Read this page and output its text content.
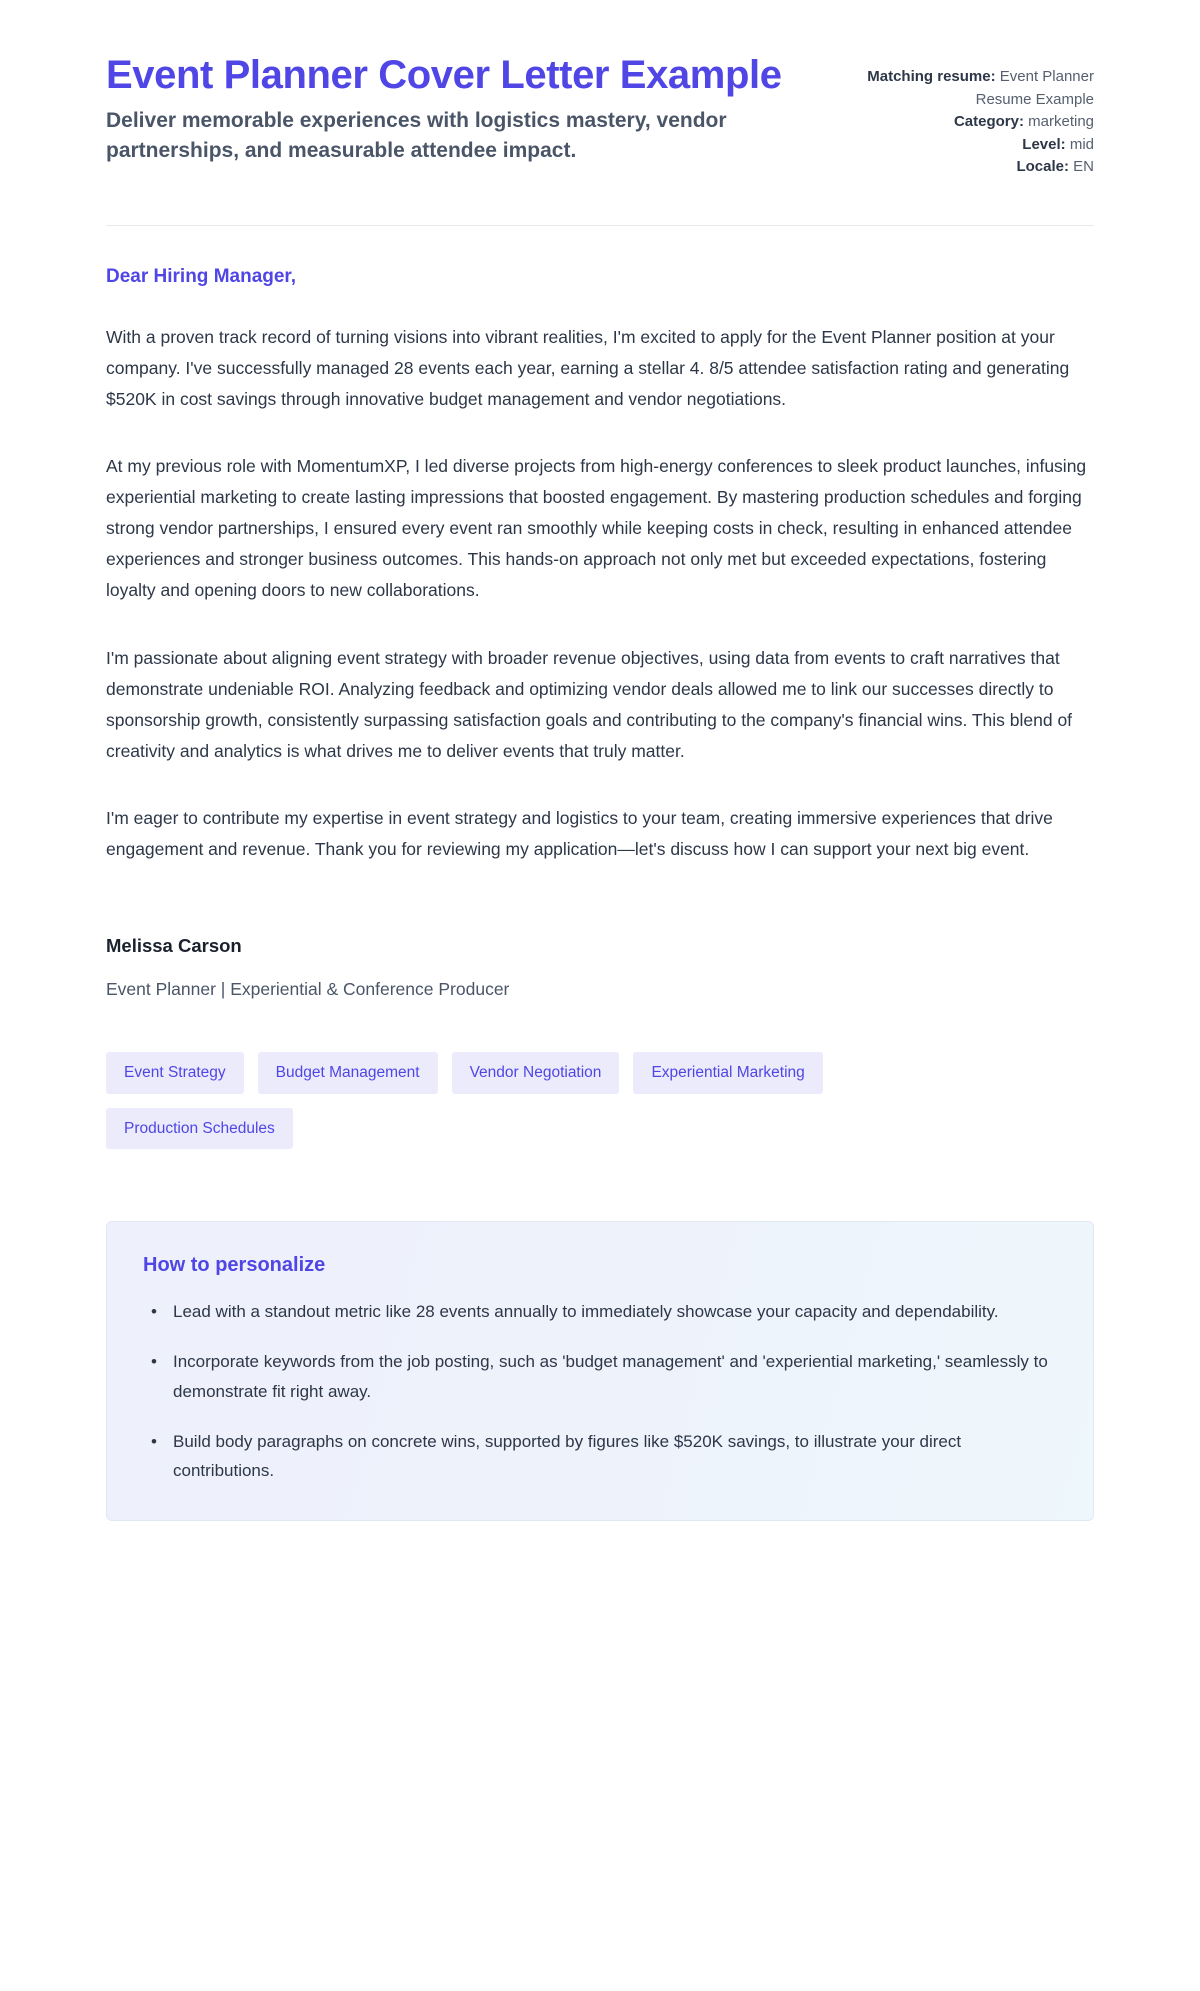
Event Planner Cover Letter Example

Deliver memorable experiences with logistics mastery, vendor partnerships, and measurable attendee impact.

Matching resume: Event Planner Resume Example
Category: marketing
Level: mid
Locale: EN

Dear Hiring Manager,

With a proven track record of turning visions into vibrant realities, I'm excited to apply for the Event Planner position at your company. I've successfully managed 28 events each year, earning a stellar 4. 8/5 attendee satisfaction rating and generating $520K in cost savings through innovative budget management and vendor negotiations.

At my previous role with MomentumXP, I led diverse projects from high-energy conferences to sleek product launches, infusing experiential marketing to create lasting impressions that boosted engagement. By mastering production schedules and forging strong vendor partnerships, I ensured every event ran smoothly while keeping costs in check, resulting in enhanced attendee experiences and stronger business outcomes. This hands-on approach not only met but exceeded expectations, fostering loyalty and opening doors to new collaborations.

I'm passionate about aligning event strategy with broader revenue objectives, using data from events to craft narratives that demonstrate undeniable ROI. Analyzing feedback and optimizing vendor deals allowed me to link our successes directly to sponsorship growth, consistently surpassing satisfaction goals and contributing to the company's financial wins. This blend of creativity and analytics is what drives me to deliver events that truly matter.

I'm eager to contribute my expertise in event strategy and logistics to your team, creating immersive experiences that drive engagement and revenue. Thank you for reviewing my application—let's discuss how I can support your next big event.

Melissa Carson

Event Planner | Experiential & Conference Producer

Event Strategy	Budget Management	Vendor Negotiation	Experiential Marketing
Production Schedules
How to personalize
• Lead with a standout metric like 28 events annually to immediately showcase your capacity and dependability.
• Incorporate keywords from the job posting, such as 'budget management' and 'experiential marketing,' seamlessly to demonstrate fit right away.
• Build body paragraphs on concrete wins, supported by figures like $520K savings, to illustrate your direct contributions.
